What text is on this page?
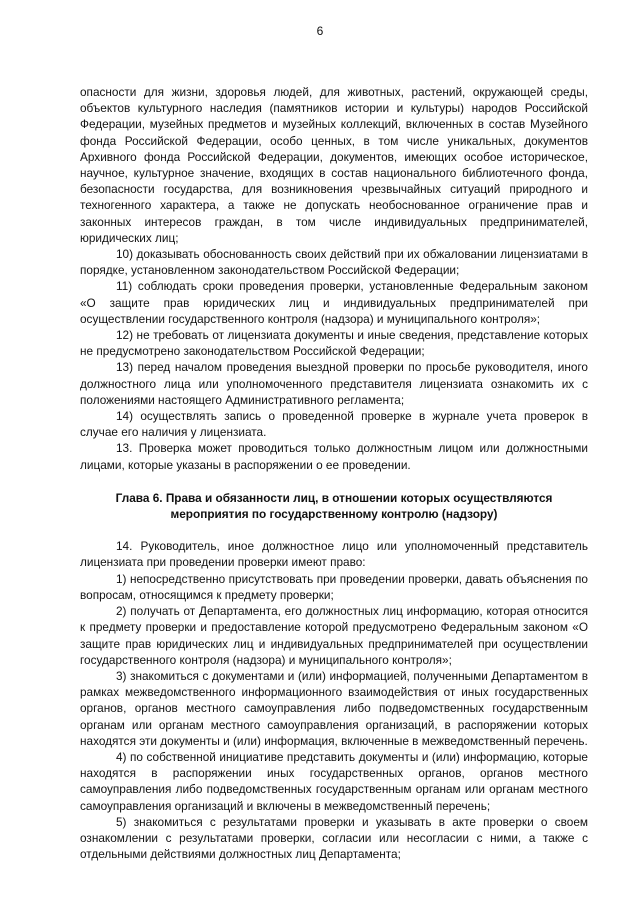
6

опасности для жизни, здоровья людей, для животных, растений, окружающей среды, объектов культурного наследия (памятников истории и культуры) народов Российской Федерации, музейных предметов и музейных коллекций, включенных в состав Музейного фонда Российской Федерации, особо ценных, в том числе уникальных, документов Архивного фонда Российской Федерации, документов, имеющих особое историческое, научное, культурное значение, входящих в состав национального библиотечного фонда, безопасности государства, для возникновения чрезвычайных ситуаций природного и техногенного характера, а также не допускать необоснованное ограничение прав и законных интересов граждан, в том числе индивидуальных предпринимателей, юридических лиц;

10) доказывать обоснованность своих действий при их обжаловании лицензиатами в порядке, установленном законодательством Российской Федерации;

11) соблюдать сроки проведения проверки, установленные Федеральным законом «О защите прав юридических лиц и индивидуальных предпринимателей при осуществлении государственного контроля (надзора) и муниципального контроля»;

12) не требовать от лицензиата документы и иные сведения, представление которых не предусмотрено законодательством Российской Федерации;

13) перед началом проведения выездной проверки по просьбе руководителя, иного должностного лица или уполномоченного представителя лицензиата ознакомить их с положениями настоящего Административного регламента;

14) осуществлять запись о проведенной проверке в журнале учета проверок в случае его наличия у лицензиата.

13. Проверка может проводиться только должностным лицом или должностными лицами, которые указаны в распоряжении о ее проведении.

Глава 6. Права и обязанности лиц, в отношении которых осуществляются мероприятия по государственному контролю (надзору)

14. Руководитель, иное должностное лицо или уполномоченный представитель лицензиата при проведении проверки имеют право:

1) непосредственно присутствовать при проведении проверки, давать объяснения по вопросам, относящимся к предмету проверки;

2) получать от Департамента, его должностных лиц информацию, которая относится к предмету проверки и предоставление которой предусмотрено Федеральным законом «О защите прав юридических лиц и индивидуальных предпринимателей при осуществлении государственного контроля (надзора) и муниципального контроля»;

3) знакомиться с документами и (или) информацией, полученными Департаментом в рамках межведомственного информационного взаимодействия от иных государственных органов, органов местного самоуправления либо подведомственных государственным органам или органам местного самоуправления организаций, в распоряжении которых находятся эти документы и (или) информация, включенные в межведомственный перечень.

4) по собственной инициативе представить документы и (или) информацию, которые находятся в распоряжении иных государственных органов, органов местного самоуправления либо подведомственных государственным органам или органам местного самоуправления организаций и включены в межведомственный перечень;

5) знакомиться с результатами проверки и указывать в акте проверки о своем ознакомлении с результатами проверки, согласии или несогласии с ними, а также с отдельными действиями должностных лиц Департамента;
